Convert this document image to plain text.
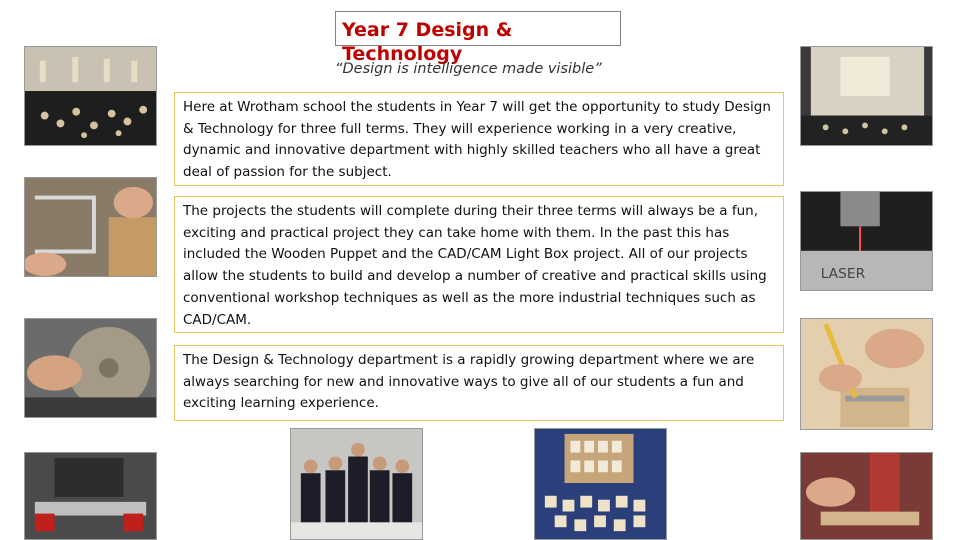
Year 7 Design &
Technology
“Design is intelligence made visible”
Here at Wrotham school the students in Year 7 will get the opportunity to study Design & Technology for three full terms. They will experience working in a very creative, dynamic and innovative department with highly skilled teachers who all have a great deal of passion for the subject.
The projects the students will complete during their three terms will always be a fun, exciting and practical project they can take home with them. In the past this has included the Wooden Puppet and the CAD/CAM Light Box project. All of our projects allow the students to build and develop a number of creative and practical skills using conventional workshop techniques as well as the more industrial techniques such as CAD/CAM.
The Design & Technology department is a rapidly growing department where we are always searching for new and innovative ways to give all of our students a fun and exciting learning experience.
LASER
